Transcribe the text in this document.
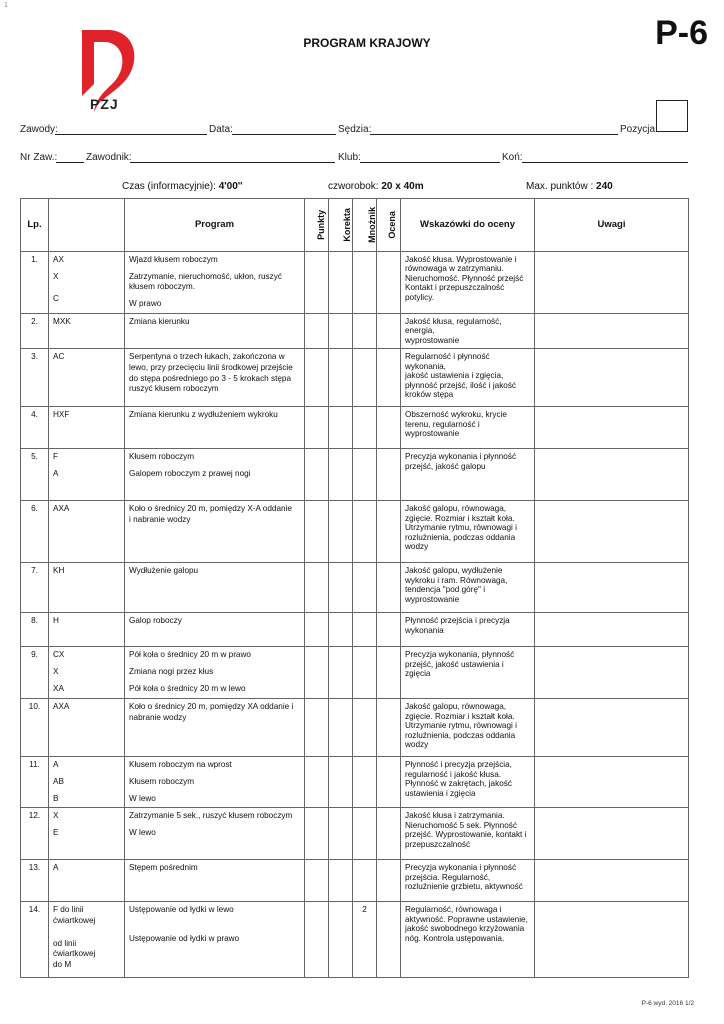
1
PZJ
PROGRAM KRAJOWY	P-6
Zawody:	Data:	Sędzia:	Pozycja:
Nr Zaw.:	Zawodnik:	Klub:	Koń:
Czas (informacyjnie): 4'00''	czworobok: 20 x 40m	Max. punktów : 240
Lp.		Program	Punkty	Korekta	Mnożnik	Ocena	Wskazówki do oceny	Uwagi
1.	AX
X
C	Wjazd kłusem roboczym
Zatrzymanie, nieruchomość, ukłon, ruszyć
kłusem roboczym.
W prawo					Jakość kłusa. Wyprostowanie i
równowaga w zatrzymaniu.
Nieruchomość. Płynność przejść
Kontakt i przepuszczalność
potylicy.	

2.	MXK	Zmiana kierunku					Jakość kłusa, regularność, energia,
wyprostowanie	

3.	AC	Serpentyna o trzech łukach, zakończona w
lewo, przy przecięciu linii środkowej przejście
do stępa pośredniego po 3 - 5 krokach stępa
ruszyć kłusem roboczym					Regularność i płynność wykonania,
jakość ustawienia i zgięcia,
płynność przejść, ilość i jakość
kroków stępa	

4.	HXF	Zmiana kierunku z wydłużeniem wykroku					Obszerność wykroku, krycie
terenu, regularność i
wyprostowanie	

5.	F
A	Kłusem roboczym
Galopem roboczym z prawej nogi					Precyzja wykonania i płynność
przejść, jakość galopu	

6.	AXA	Koło o średnicy 20 m, pomiędzy X-A oddanie
i nabranie wodzy					Jakość galopu, równowaga,
zgięcie. Rozmiar i kształt koła.
Utrzymanie rytmu, równowagi i
rozluźnienia, podczas oddania
wodzy	

7.	KH	Wydłużenie galopu					Jakość galopu, wydłużenie
wykroku i ram. Równowaga,
tendencja "pod górę" i
wyprostowanie	

8.	H	Galop roboczy					Płynność przejścia i precyzja
wykonania	

9.	CX
X
XA	Pół koła o średnicy 20 m w prawo
Zmiana nogi przez kłus
Pół koła o średnicy 20 m w lewo					Precyzja wykonania, płynność
przejść, jakość ustawienia i zgięcia	

10.	AXA	Koło o średnicy 20 m, pomiędzy XA oddanie i
nabranie wodzy					Jakość galopu, równowaga,
zgięcie. Rozmiar i kształt koła.
Utrzymanie rytmu, równowagi i
rozluźnienia, podczas oddania
wodzy	

11.	A
AB
B	Kłusem roboczym na wprost
Kłusem roboczym
W lewo					Płynność i precyzja przejścia,
regularność i jakość kłusa.
Płynność w zakrętach, jakość
ustawienia i zgięcia	

12.	X
E	Zatrzymanie 5 sek., ruszyć kłusem roboczym
W lewo					Jakość kłusa i zatrzymania.
Nieruchomość 5 sek. Płynność
przejść. Wyprostowanie, kontakt i
przepuszczalność	

13.	A	Stępem pośrednim					Precyzja wykonania i płynność
przejścia. Regularność,
rozluźnienie grzbietu, aktywność	

14.	F do linii
ćwiartkowej
od linii ćwiartkowej
do M	Ustępowanie od łydki w lewo
Ustępowanie od łydki w prawo			2		Regularność, równowaga i
aktywność. Poprawne ustawienie,
jakość swobodnego krzyżowania
nóg. Kontrola ustępowania.	

P-6 wyd. 2016 1/2
